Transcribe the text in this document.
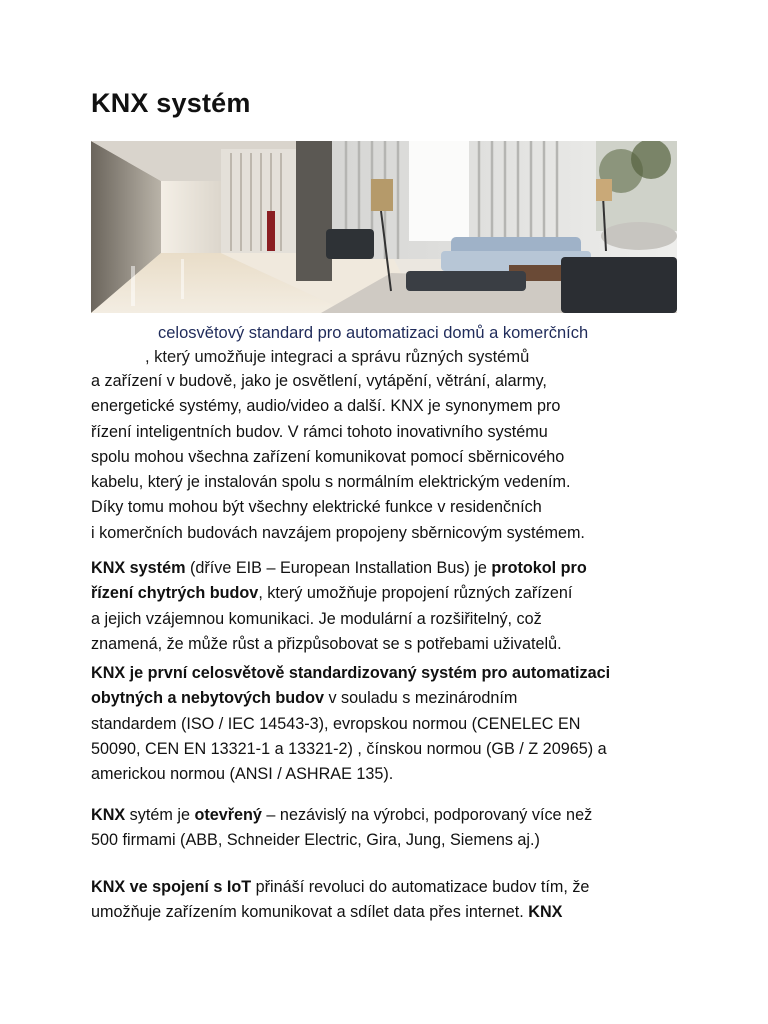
KNX systém

celosvětový standard pro automatizaci domů a komerčních

, který umožňuje integraci a správu různých systémů

a zařízení v budově, jako je osvětlení, vytápění, větrání, alarmy,
energetické systémy, audio/video a další. KNX je synonymem pro
řízení inteligentních budov. V rámci tohoto inovativního systému
spolu mohou všechna zařízení komunikovat pomocí sběrnicového
kabelu, který je instalován spolu s normálním elektrickým vedením.
Díky tomu mohou být všechny elektrické funkce v residenčních
i komerčních budovách navzájem propojeny sběrnicovým systémem.

KNX systém (dříve EIB – European Installation Bus) je protokol pro
řízení chytrých budov, který umožňuje propojení různých zařízení
a jejich vzájemnou komunikaci. Je modulární a rozšiřitelný, což
znamená, že může růst a přizpůsobovat se s potřebami uživatelů.

KNX je první celosvětově standardizovaný systém pro automatizaci
obytných a nebytových budov v souladu s mezinárodním
standardem (ISO / IEC 14543-3), evropskou normou (CENELEC EN
50090, CEN EN 13321-1 a 13321-2) , čínskou normou (GB / Z 20965) a
americkou normou (ANSI / ASHRAE 135).

KNX sytém je otevřený – nezávislý na výrobci, podporovaný více než
500 firmami (ABB, Schneider Electric, Gira, Jung, Siemens aj.)

KNX ve spojení s IoT přináší revoluci do automatizace budov tím, že
umožňuje zařízením komunikovat a sdílet data přes internet. KNX
